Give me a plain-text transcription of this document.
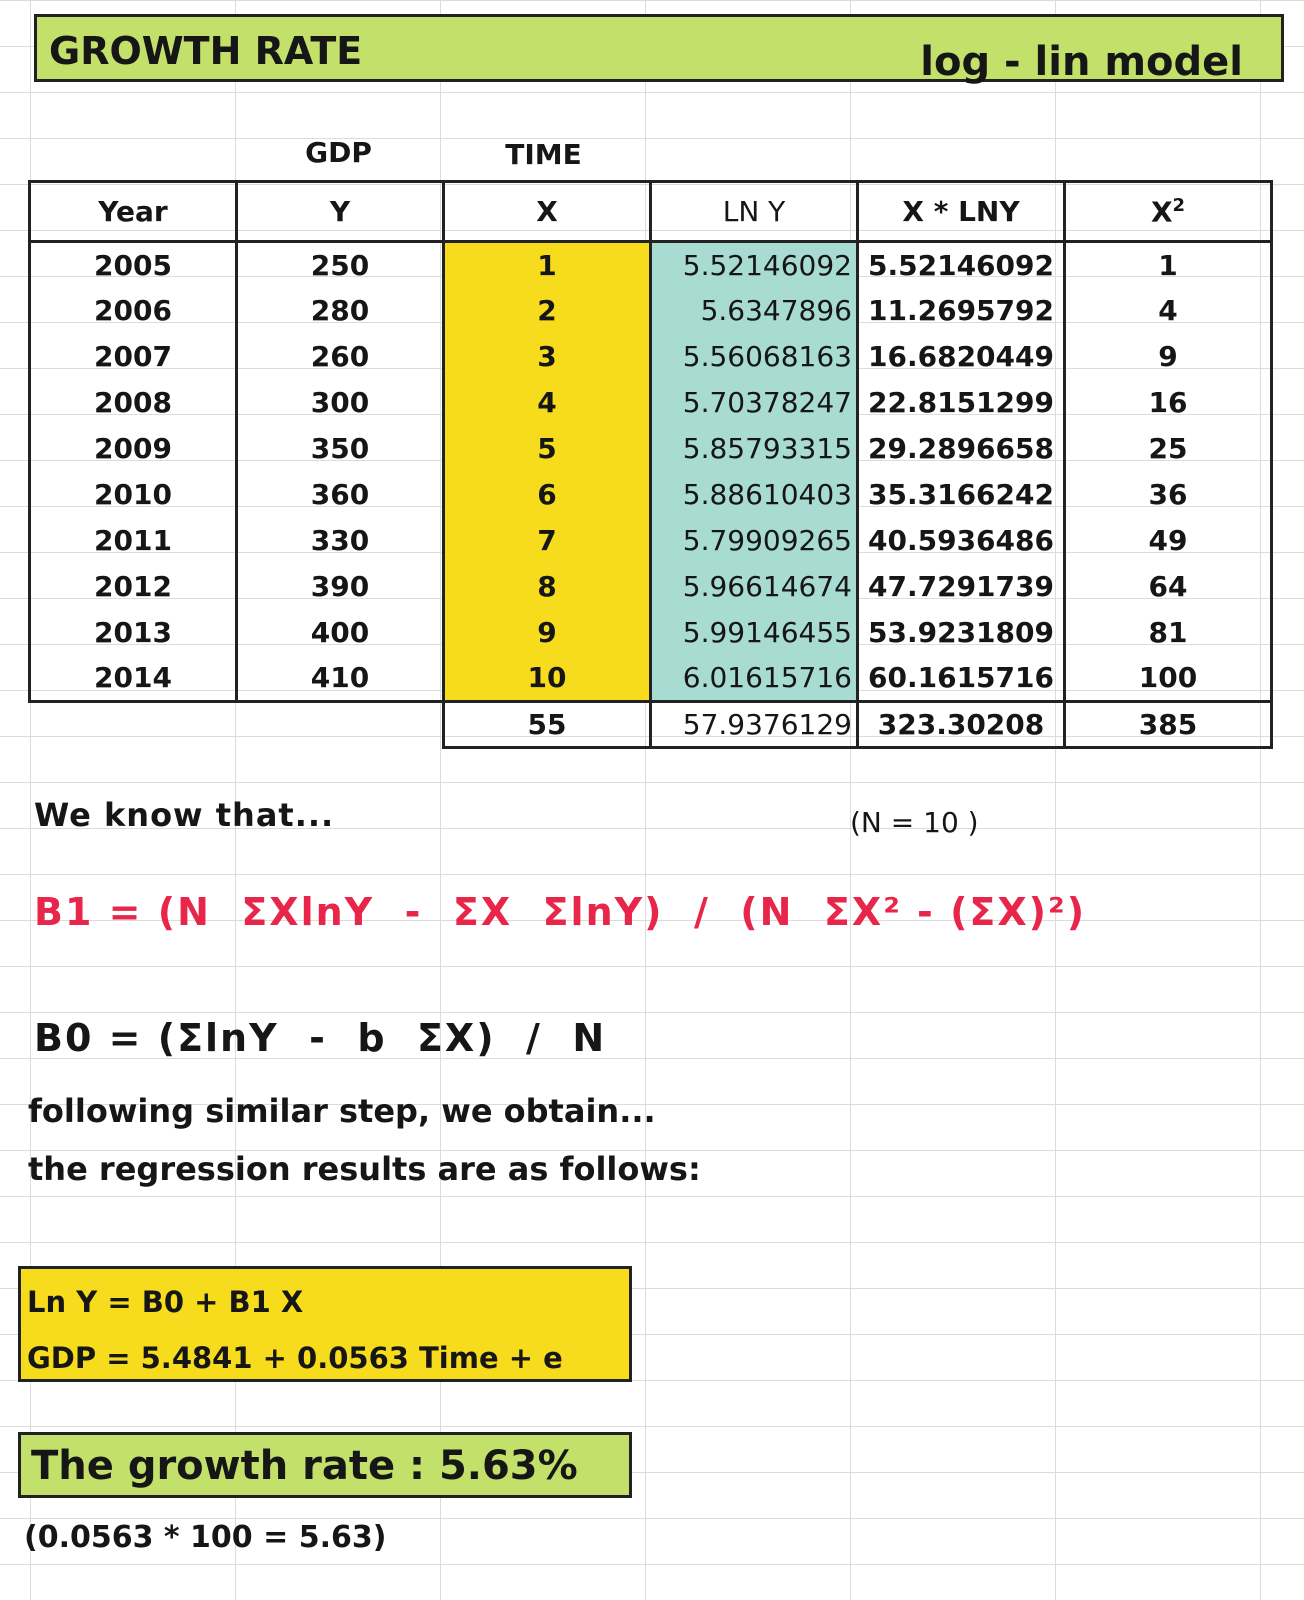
GROWTH RATE	log - lin model
GDP	TIME
Year	Y	X	LN Y	X * LNY	$X^2$
2005	250	1	5.52146092	5.52146092	1
2006	280	2	5.6347896	11.2695792	4
2007	260	3	5.56068163	16.6820449	9
2008	300	4	5.70378247	22.8151299	16
2009	350	5	5.85793315	29.2896658	25
2010	360	6	5.88610403	35.3166242	36
2011	330	7	5.79909265	40.5936486	49
2012	390	8	5.96614674	47.7291739	64
2013	400	9	5.99146455	53.9231809	81
2014	410	10	6.01615716	60.1615716	100
		55	57.9376129	323.30208	385
We know that...	(N = 10 )
B1 = (N  ΣXlnY  -  ΣX  ΣlnY)  /  (N  ΣX² - (ΣX)²)
B0 = (ΣlnY  -  b  ΣX)  /  N
following similar step, we obtain...
the regression results are as follows:
Ln Y = B0 + B1 X
GDP = 5.4841 + 0.0563 Time + e
The growth rate : 5.63%
(0.0563 * 100 = 5.63)
